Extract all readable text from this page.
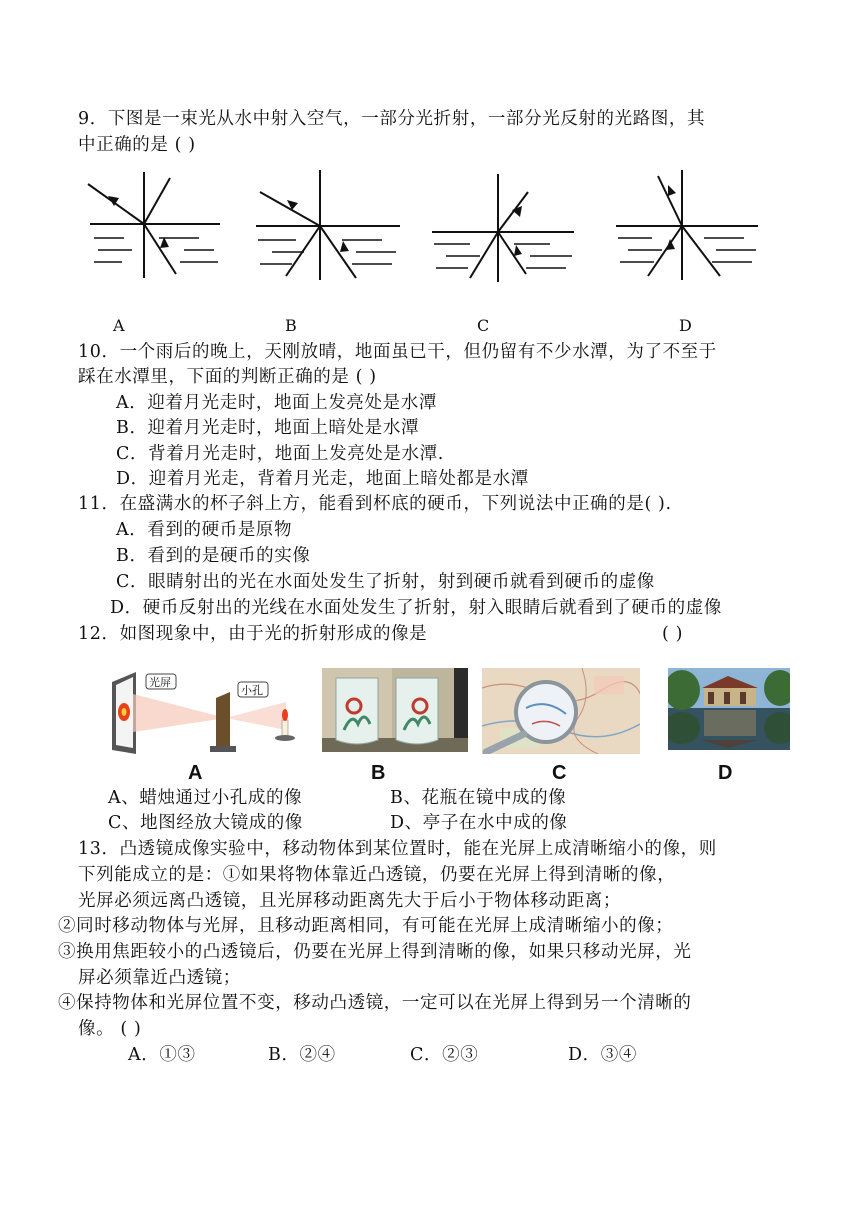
9．下图是一束光从水中射入空气，一部分光折射，一部分光反射的光路图，其
中正确的是 ( )
A	B	C	D
10．一个雨后的晚上，天刚放晴，地面虽已干，但仍留有不少水潭，为了不至于
踩在水潭里，下面的判断正确的是 ( )
A．迎着月光走时，地面上发亮处是水潭
B．迎着月光走时，地面上暗处是水潭
C．背着月光走时，地面上发亮处是水潭.
D．迎着月光走，背着月光走，地面上暗处都是水潭
11．在盛满水的杯子斜上方，能看到杯底的硬币，下列说法中正确的是( ).
A．看到的硬币是原物
B．看到的是硬币的实像
C．眼睛射出的光在水面处发生了折射，射到硬币就看到硬币的虚像
D．硬币反射出的光线在水面处发生了折射，射入眼睛后就看到了硬币的虚像
12．如图现象中，由于光的折射形成的像是	( )
光屏
小孔
A	B	C	D
A、蜡烛通过小孔成的像	B、花瓶在镜中成的像
C、地图经放大镜成的像	D、亭子在水中成的像
13．凸透镜成像实验中，移动物体到某位置时，能在光屏上成清晰缩小的像，则
下列能成立的是：①如果将物体靠近凸透镜，仍要在光屏上得到清晰的像，
光屏必须远离凸透镜，且光屏移动距离先大于后小于物体移动距离；
②同时移动物体与光屏，且移动距离相同，有可能在光屏上成清晰缩小的像；
③换用焦距较小的凸透镜后，仍要在光屏上得到清晰的像，如果只移动光屏，光
屏必须靠近凸透镜；
④保持物体和光屏位置不变，移动凸透镜，一定可以在光屏上得到另一个清晰的
像。 ( )
A．①③	B．②④	C．②③	D．③④
